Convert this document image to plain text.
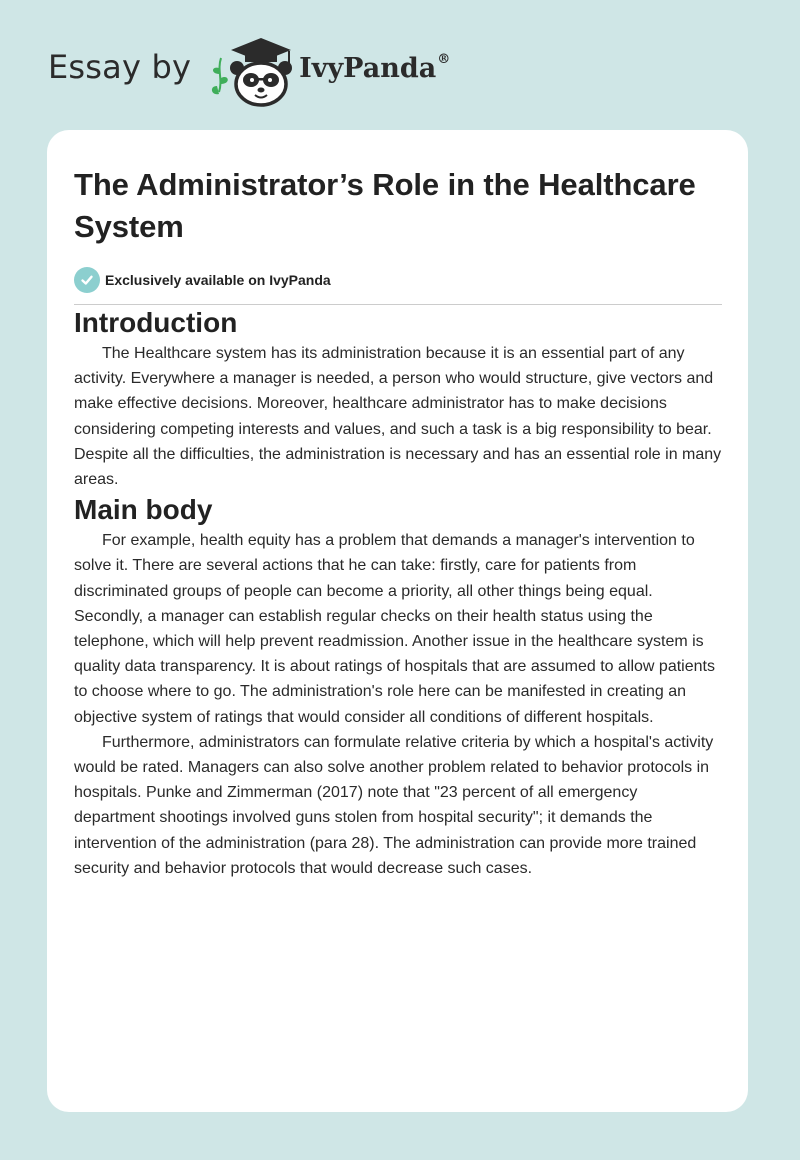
Essay by	IvyPanda®
The Administrator’s Role in the Healthcare System
Exclusively available on IvyPanda
Introduction

The Healthcare system has its administration because it is an essential part of any activity. Everywhere a manager is needed, a person who would structure, give vectors and make effective decisions. Moreover, healthcare administrator has to make decisions considering competing interests and values, and such a task is a big responsibility to bear. Despite all the difficulties, the administration is necessary and has an essential role in many areas.

Main body

For example, health equity has a problem that demands a manager's intervention to solve it. There are several actions that he can take: firstly, care for patients from discriminated groups of people can become a priority, all other things being equal. Secondly, a manager can establish regular checks on their health status using the telephone, which will help prevent readmission. Another issue in the healthcare system is quality data transparency. It is about ratings of hospitals that are assumed to allow patients to choose where to go. The administration's role here can be manifested in creating an objective system of ratings that would consider all conditions of different hospitals.

Furthermore, administrators can formulate relative criteria by which a hospital's activity would be rated. Managers can also solve another problem related to behavior protocols in hospitals. Punke and Zimmerman (2017) note that "23 percent of all emergency department shootings involved guns stolen from hospital security"; it demands the intervention of the administration (para 28). The administration can provide more trained security and behavior protocols that would decrease such cases.
